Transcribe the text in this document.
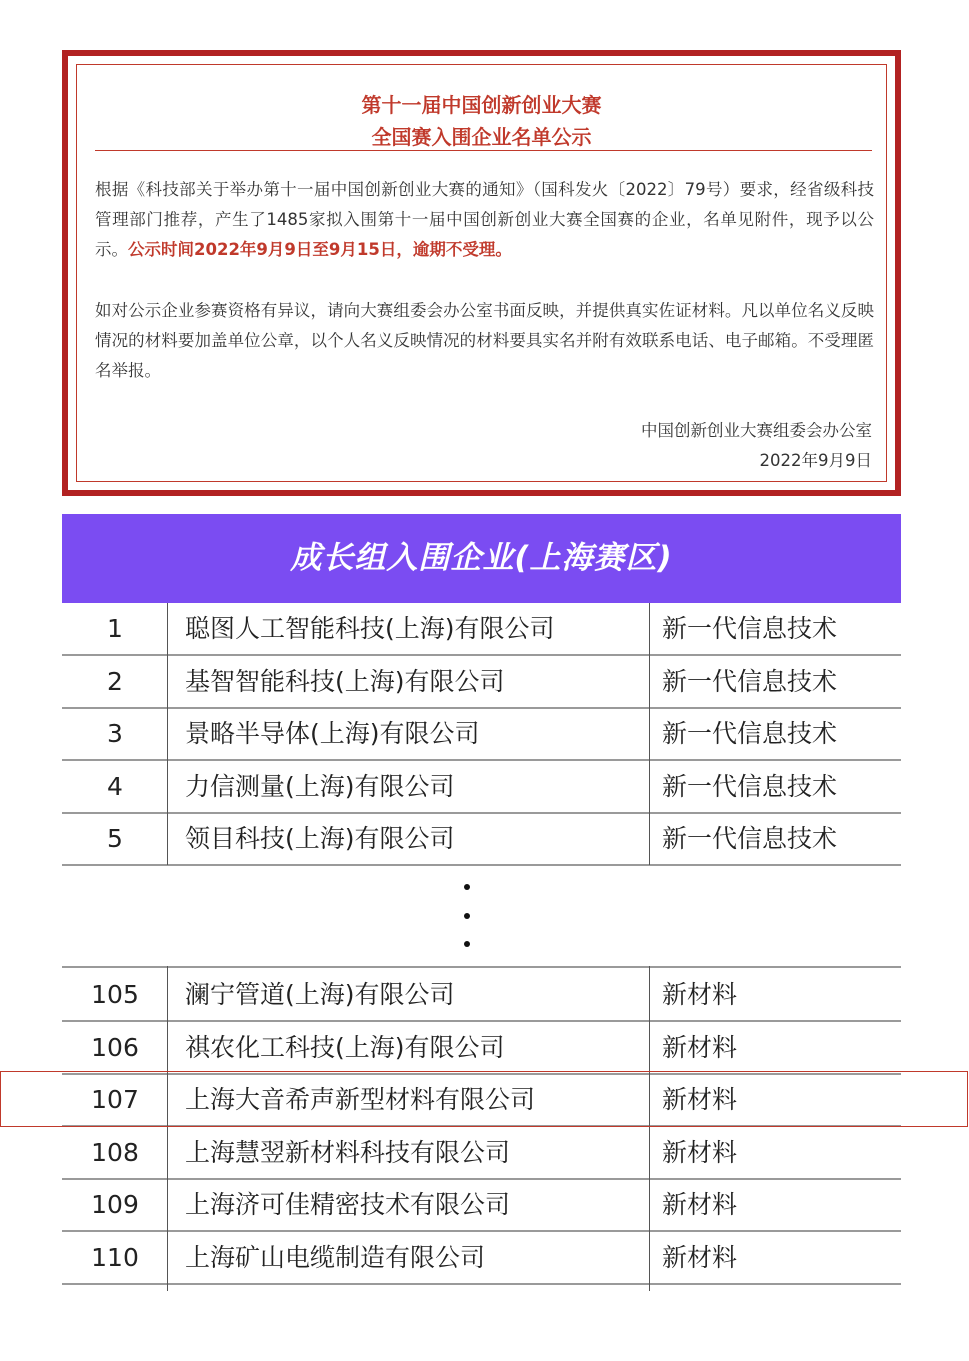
第十一届中国创新创业大赛
全国赛入围企业名单公示
根据《科技部关于举办第十一届中国创新创业大赛的通知》（国科发火〔2022〕79号）要求，经省级科技管理部门推荐，产生了1485家拟入围第十一届中国创新创业大赛全国赛的企业，名单见附件，现予以公示。公示时间2022年9月9日至9月15日，逾期不受理。
如对公示企业参赛资格有异议，请向大赛组委会办公室书面反映，并提供真实佐证材料。凡以单位名义反映情况的材料要加盖单位公章，以个人名义反映情况的材料要具实名并附有效联系电话、电子邮箱。不受理匿名举报。
中国创新创业大赛组委会办公室
2022年9月9日
成长组入围企业(上海赛区)
1	聪图人工智能科技(上海)有限公司	新一代信息技术
2	基智智能科技(上海)有限公司	新一代信息技术
3	景略半导体(上海)有限公司	新一代信息技术
4	力信测量(上海)有限公司	新一代信息技术
5	领目科技(上海)有限公司	新一代信息技术
105	澜宁管道(上海)有限公司	新材料
106	祺农化工科技(上海)有限公司	新材料
107	上海大音希声新型材料有限公司	新材料
108	上海慧翌新材料科技有限公司	新材料
109	上海济可佳精密技术有限公司	新材料
110	上海矿山电缆制造有限公司	新材料
